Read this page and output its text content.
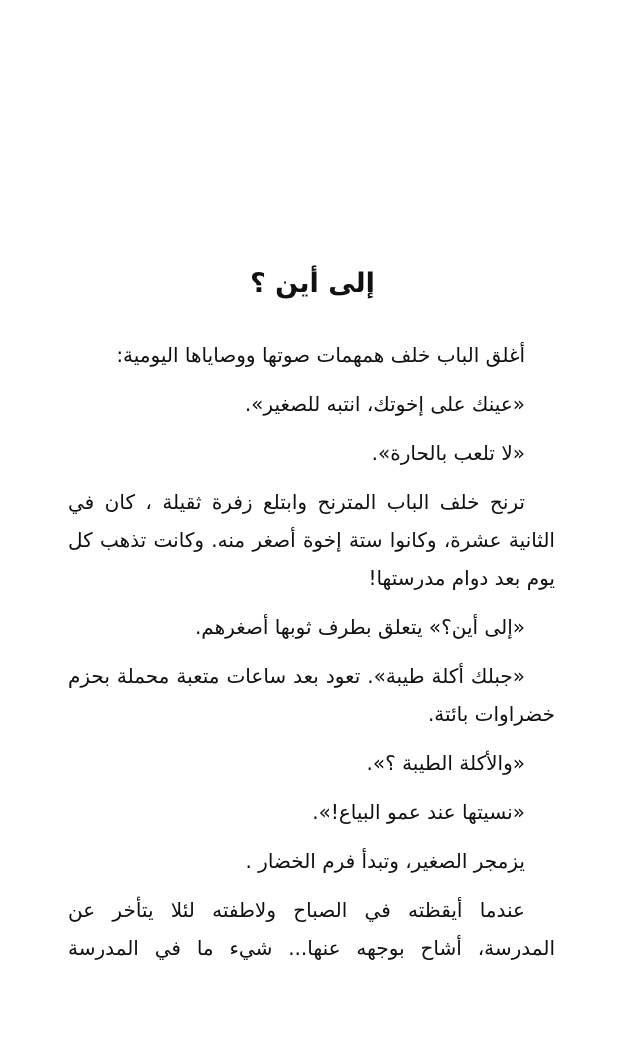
إلى أين ؟

أغلق الباب خلف همهمات صوتها ووصاياها اليومية:

«عينك على إخوتك، انتبه للصغير».

«لا تلعب بالحارة».

ترنح خلف الباب المترنح وابتلع زفرة ثقيلة ، كان في الثانية عشرة، وكانوا ستة إخوة أصغر منه. وكانت تذهب كل يوم بعد دوام مدرستها!

«إلى أين؟» يتعلق بطرف ثوبها أصغرهم.

«جبلك أكلة طيبة». تعود بعد ساعات متعبة محملة بحزم خضراوات بائتة.

«والأكلة الطيبة ؟».

«نسيتها عند عمو البياع!».

يزمجر الصغير، وتبدأ فرم الخضار .

عندما أيقظته في الصباح ولاطفته لئلا يتأخر عن المدرسة، أشاح بوجهه عنها... شيء ما في المدرسة
